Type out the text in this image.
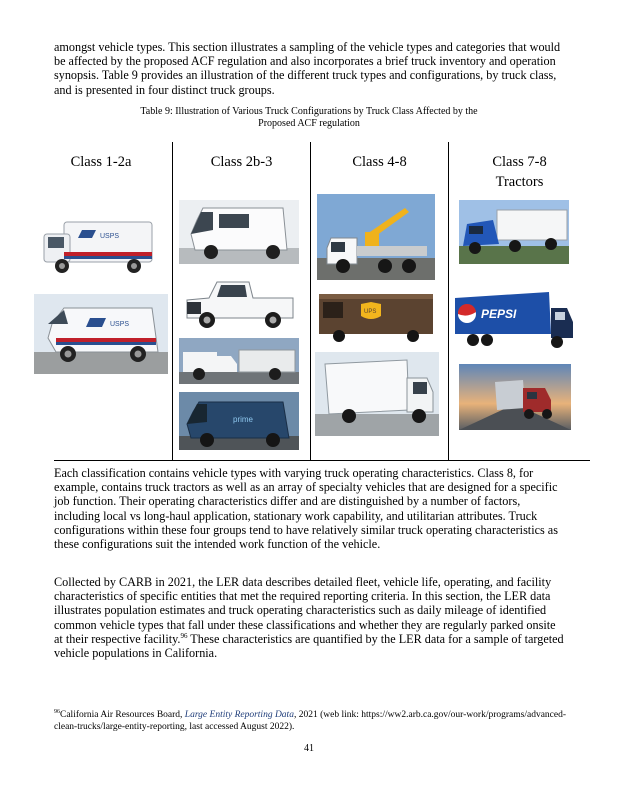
amongst vehicle types. This section illustrates a sampling of the vehicle types and categories that would be affected by the proposed ACF regulation and also incorporates a brief truck inventory and operation synopsis. Table 9 provides an illustration of the different truck types and configurations, by truck class, and is presented in four distinct truck groups.

Table 9: Illustration of Various Truck Configurations by Truck Class Affected by the
Proposed ACF regulation
Class 1-2a
USPS
USPS
Class 2b-3
prime
Class 4-8
UPS
Class 7-8
Tractors
PEPSI

Each classification contains vehicle types with varying truck operating characteristics. Class 8, for example, contains truck tractors as well as an array of specialty vehicles that are designed for a specific job function. Their operating characteristics differ and are distinguished by a number of factors, including local vs long-haul application, stationary work capability, and utilitarian attributes. Truck configurations within these four groups tend to have relatively similar truck operating characteristics as these configurations suit the intended work function of the vehicle.

Collected by CARB in 2021, the LER data describes detailed fleet, vehicle life, operating, and facility characteristics of specific entities that met the required reporting criteria. In this section, the LER data illustrates population estimates and truck operating characteristics such as daily mileage of identified common vehicle types that fall under these classifications and whether they are regularly parked onsite at their respective facility.$^{96}$ These characteristics are quantified by the LER data for a sample of targeted vehicle populations in California.

$^{96}$California Air Resources Board, Large Entity Reporting Data, 2021 (web link: https://ww2.arb.ca.gov/our-work/programs/advanced-clean-trucks/large-entity-reporting, last accessed August 2022).
41
